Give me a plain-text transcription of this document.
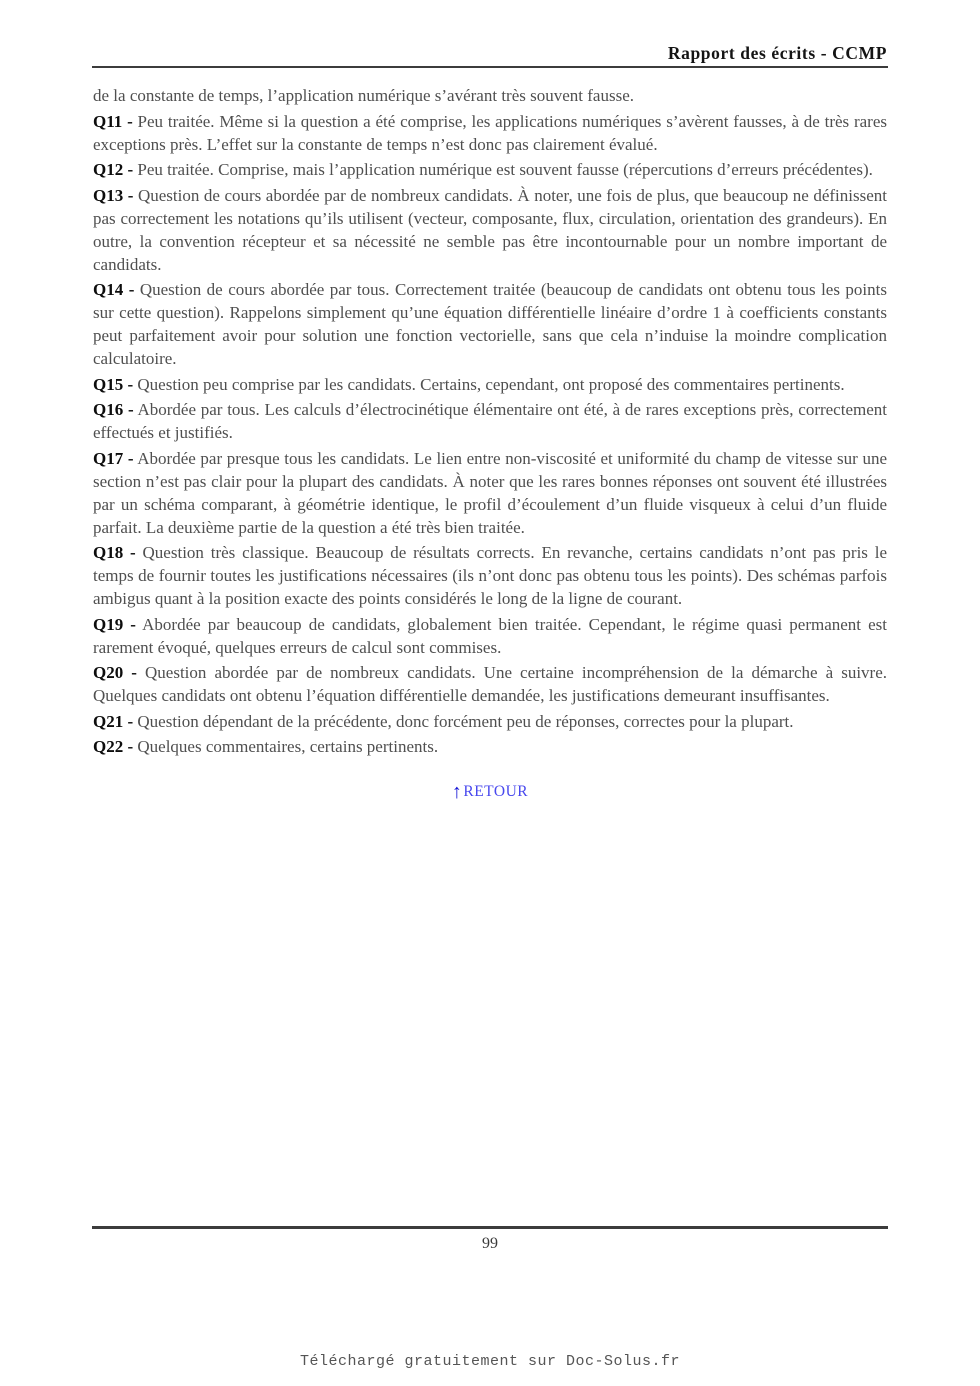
Rapport des écrits - CCMP

de la constante de temps, l’application numérique s’avérant très souvent fausse.

Q11 - Peu traitée. Même si la question a été comprise, les applications numériques s’avèrent fausses, à de très rares exceptions près. L’effet sur la constante de temps n’est donc pas clairement évalué.

Q12 - Peu traitée. Comprise, mais l’application numérique est souvent fausse (répercutions d’erreurs précédentes).

Q13 - Question de cours abordée par de nombreux candidats. À noter, une fois de plus, que beaucoup ne définissent pas correctement les notations qu’ils utilisent (vecteur, composante, flux, circulation, orientation des grandeurs). En outre, la convention récepteur et sa nécessité ne semble pas être incontournable pour un nombre important de candidats.

Q14 - Question de cours abordée par tous. Correctement traitée (beaucoup de candidats ont obtenu tous les points sur cette question). Rappelons simplement qu’une équation différentielle linéaire d’ordre 1 à coefficients constants peut parfaitement avoir pour solution une fonction vectorielle, sans que cela n’induise la moindre complication calculatoire.

Q15 - Question peu comprise par les candidats. Certains, cependant, ont proposé des commentaires pertinents.

Q16 - Abordée par tous. Les calculs d’électrocinétique élémentaire ont été, à de rares exceptions près, correctement effectués et justifiés.

Q17 - Abordée par presque tous les candidats. Le lien entre non-viscosité et uniformité du champ de vitesse sur une section n’est pas clair pour la plupart des candidats. À noter que les rares bonnes réponses ont souvent été illustrées par un schéma comparant, à géométrie identique, le profil d’écoulement d’un fluide visqueux à celui d’un fluide parfait. La deuxième partie de la question a été très bien traitée.

Q18 - Question très classique. Beaucoup de résultats corrects. En revanche, certains candidats n’ont pas pris le temps de fournir toutes les justifications nécessaires (ils n’ont donc pas obtenu tous les points). Des schémas parfois ambigus quant à la position exacte des points considérés le long de la ligne de courant.

Q19 - Abordée par beaucoup de candidats, globalement bien traitée. Cependant, le régime quasi permanent est rarement évoqué, quelques erreurs de calcul sont commises.

Q20 - Question abordée par de nombreux candidats. Une certaine incompréhension de la démarche à suivre. Quelques candidats ont obtenu l’équation différentielle demandée, les justifications demeurant insuffisantes.

Q21 - Question dépendant de la précédente, donc forcément peu de réponses, correctes pour la plupart.

Q22 - Quelques commentaires, certains pertinents.

↑RETOUR
99
Téléchargé gratuitement sur Doc-Solus.fr
